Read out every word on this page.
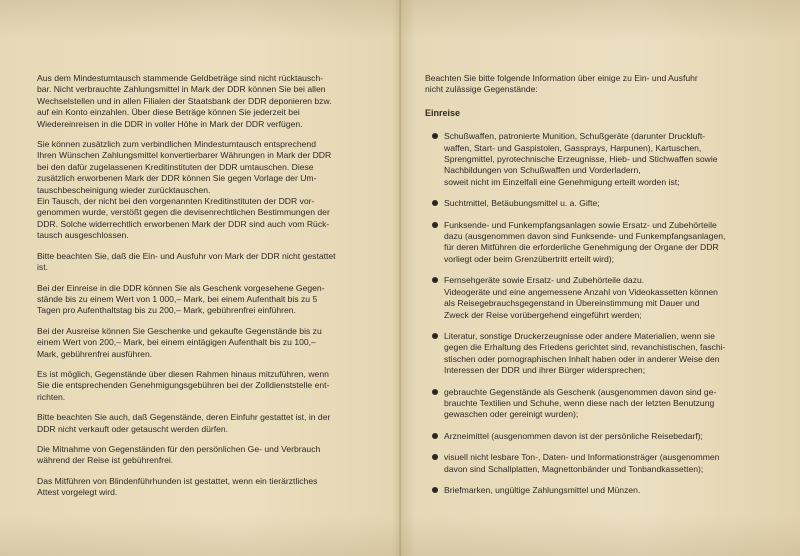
Aus dem Mindestumtausch stammende Geldbeträge sind nicht rücktausch-
bar. Nicht verbrauchte Zahlungsmittel in Mark der DDR können Sie bei allen
Wechselstellen und in allen Filialen der Staatsbank der DDR deponieren bzw.
auf ein Konto einzahlen. Über diese Beträge können Sie jederzeit bei
Wiedereinreisen in die DDR in voller Höhe in Mark der DDR verfügen.

Sie können zusätzlich zum verbindlichen Mindestumtausch entsprechend
Ihren Wünschen Zahlungsmittel konvertierbarer Währungen in Mark der DDR
bei den dafür zugelassenen Kreditinstituten der DDR umtauschen. Diese
zusätzlich erworbenen Mark der DDR können Sie gegen Vorlage der Um-
tauschbescheinigung wieder zurücktauschen.
Ein Tausch, der nicht bei den vorgenannten Kreditinstituten der DDR vor-
genommen wurde, verstößt gegen die devisenrechtlichen Bestimmungen der
DDR. Solche widerrechtlich erworbenen Mark der DDR sind auch vom Rück-
tausch ausgeschlossen.

Bitte beachten Sie, daß die Ein- und Ausfuhr von Mark der DDR nicht gestattet
ist.

Bei der Einreise in die DDR können Sie als Geschenk vorgesehene Gegen-
stände bis zu einem Wert von 1 000,– Mark, bei einem Aufenthalt bis zu 5
Tagen pro Aufenthaltstag bis zu 200,– Mark, gebührenfrei einführen.

Bei der Ausreise können Sie Geschenke und gekaufte Gegenstände bis zu
einem Wert von 200,– Mark, bei einem eintägigen Aufenthalt bis zu 100,–
Mark, gebührenfrei ausführen.

Es ist möglich, Gegenstände über diesen Rahmen hinaus mitzuführen, wenn
Sie die entsprechenden Genehmigungsgebühren bei der Zolldienststelle ent-
richten.

Bitte beachten Sie auch, daß Gegenstände, deren Einfuhr gestattet ist, in der
DDR nicht verkauft oder getauscht werden dürfen.

Die Mitnahme von Gegenständen für den persönlichen Ge- und Verbrauch
während der Reise ist gebührenfrei.

Das Mitführen von Blindenführhunden ist gestattet, wenn ein tierärztliches
Attest vorgelegt wird.

Beachten Sie bitte folgende Information über einige zu Ein- und Ausfuhr
nicht zulässige Gegenstände:

Einreise

Schußwaffen, patronierte Munition, Schußgeräte (darunter Druckluft-
waffen, Start- und Gaspistolen, Gassprays, Harpunen), Kartuschen,
Sprengmittel, pyrotechnische Erzeugnisse, Hieb- und Stichwaffen sowie
Nachbildungen von Schußwaffen und Vorderladern,
soweit nicht im Einzelfall eine Genehmigung erteilt worden ist;
Suchtmittel, Betäubungsmittel u. a. Gifte;
Funksende- und Funkempfangsanlagen sowie Ersatz- und Zubehörteile
dazu (ausgenommen davon sind Funksende- und Funkempfangsanlagen,
für deren Mitführen die erforderliche Genehmigung der Organe der DDR
vorliegt oder beim Grenzübertritt erteilt wird);
Fernsehgeräte sowie Ersatz- und Zubehörteile dazu.
Videogeräte und eine angemessene Anzahl von Videokassetten können
als Reisegebrauchsgegenstand in Übereinstimmung mit Dauer und
Zweck der Reise vorübergehend eingeführt werden;
Literatur, sonstige Druckerzeugnisse oder andere Materialien, wenn sie
gegen die Erhaltung des Friedens gerichtet sind, revanchistischen, faschi-
stischen oder pornographischen Inhalt haben oder in anderer Weise den
Interessen der DDR und ihrer Bürger widersprechen;
gebrauchte Gegenstände als Geschenk (ausgenommen davon sind ge-
brauchte Textilien und Schuhe, wenn diese nach der letzten Benutzung
gewaschen oder gereinigt wurden);
Arzneimittel (ausgenommen davon ist der persönliche Reisebedarf);
visuell nicht lesbare Ton-, Daten- und Informationsträger (ausgenommen
davon sind Schallplatten, Magnettonbänder und Tonbandkassetten);
Briefmarken, ungültige Zahlungsmittel und Münzen.
